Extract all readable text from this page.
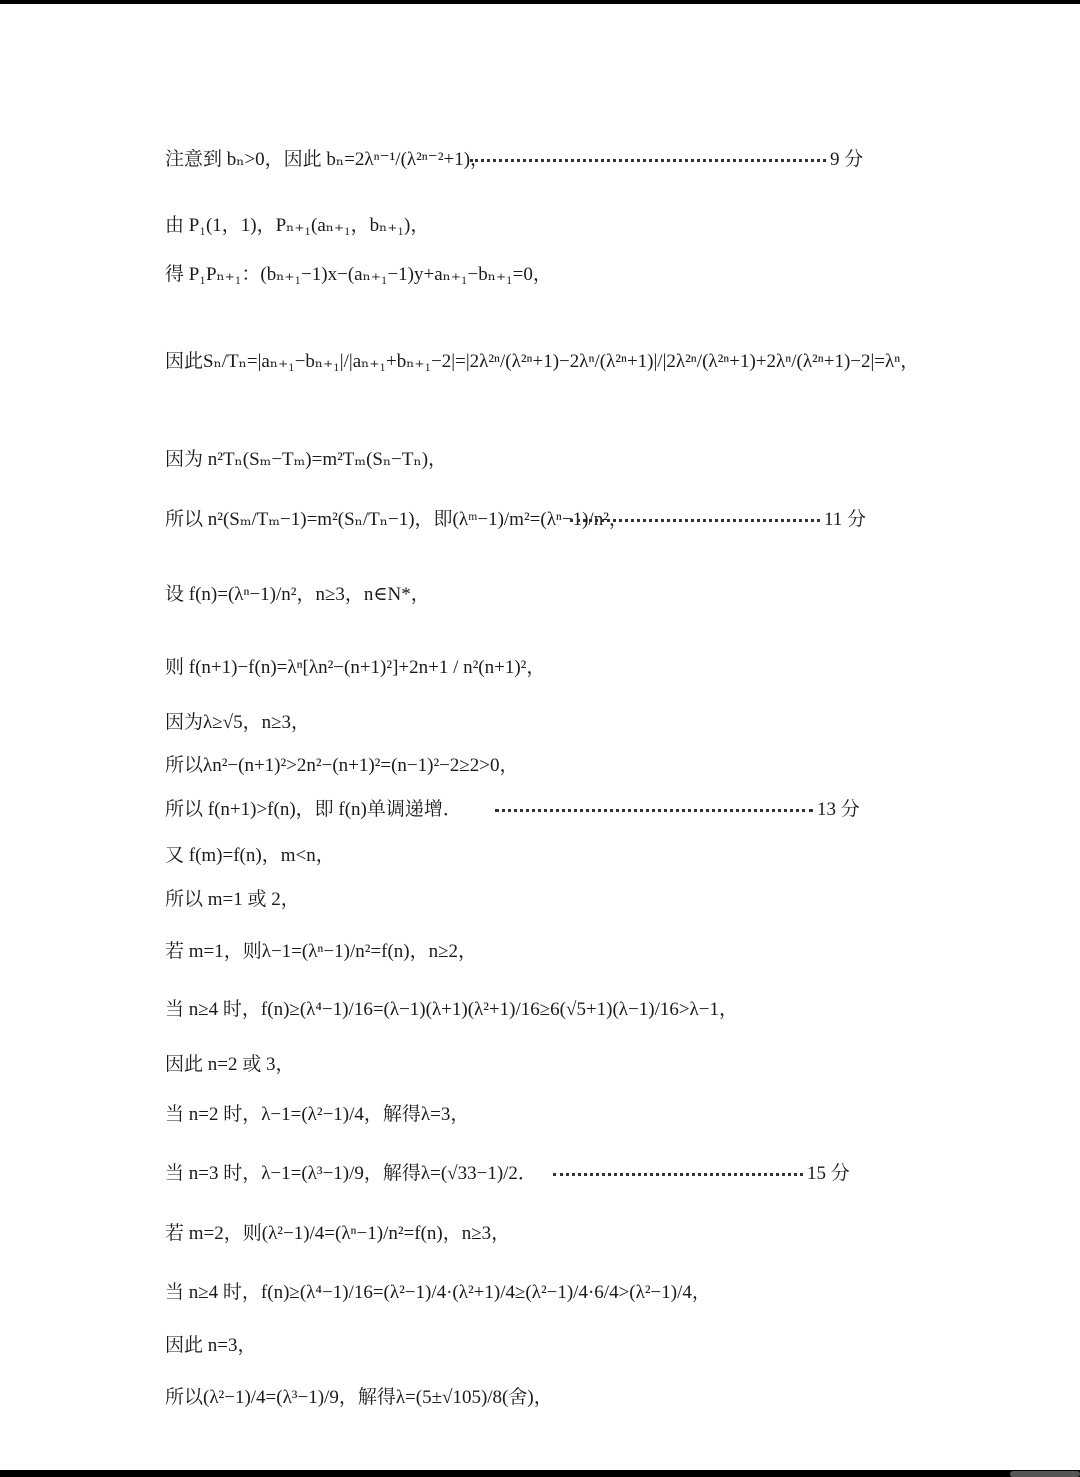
注意到 bₙ>0，因此 bₙ=2λⁿ⁻¹/(λ²ⁿ⁻²+1)，	9 分
由 P₁(1，1)，Pₙ₊₁(aₙ₊₁，bₙ₊₁)，
得 P₁Pₙ₊₁：(bₙ₊₁−1)x−(aₙ₊₁−1)y+aₙ₊₁−bₙ₊₁=0，
因此Sₙ/Tₙ=|aₙ₊₁−bₙ₊₁|/|aₙ₊₁+bₙ₊₁−2|=|2λ²ⁿ/(λ²ⁿ+1)−2λⁿ/(λ²ⁿ+1)|/|2λ²ⁿ/(λ²ⁿ+1)+2λⁿ/(λ²ⁿ+1)−2|=λⁿ，
因为 n²Tₙ(Sₘ−Tₘ)=m²Tₘ(Sₙ−Tₙ)，
所以 n²(Sₘ/Tₘ−1)=m²(Sₙ/Tₙ−1)，即(λᵐ−1)/m²=(λⁿ−1)/n²，	11 分
设 f(n)=(λⁿ−1)/n²，n≥3，n∈N*，
则 f(n+1)−f(n)=λⁿ[λn²−(n+1)²]+2n+1 / n²(n+1)²，
因为λ≥√5，n≥3，
所以λn²−(n+1)²>2n²−(n+1)²=(n−1)²−2≥2>0，
所以 f(n+1)>f(n)，即 f(n)单调递增．	13 分
又 f(m)=f(n)，m<n，
所以 m=1 或 2，
若 m=1，则λ−1=(λⁿ−1)/n²=f(n)，n≥2，
当 n≥4 时，f(n)≥(λ⁴−1)/16=(λ−1)(λ+1)(λ²+1)/16≥6(√5+1)(λ−1)/16>λ−1，
因此 n=2 或 3，
当 n=2 时，λ−1=(λ²−1)/4，解得λ=3，
当 n=3 时，λ−1=(λ³−1)/9，解得λ=(√33−1)/2．	15 分
若 m=2，则(λ²−1)/4=(λⁿ−1)/n²=f(n)，n≥3，
当 n≥4 时，f(n)≥(λ⁴−1)/16=(λ²−1)/4·(λ²+1)/4≥(λ²−1)/4·6/4>(λ²−1)/4，
因此 n=3，
所以(λ²−1)/4=(λ³−1)/9，解得λ=(5±√105)/8(舍)，
